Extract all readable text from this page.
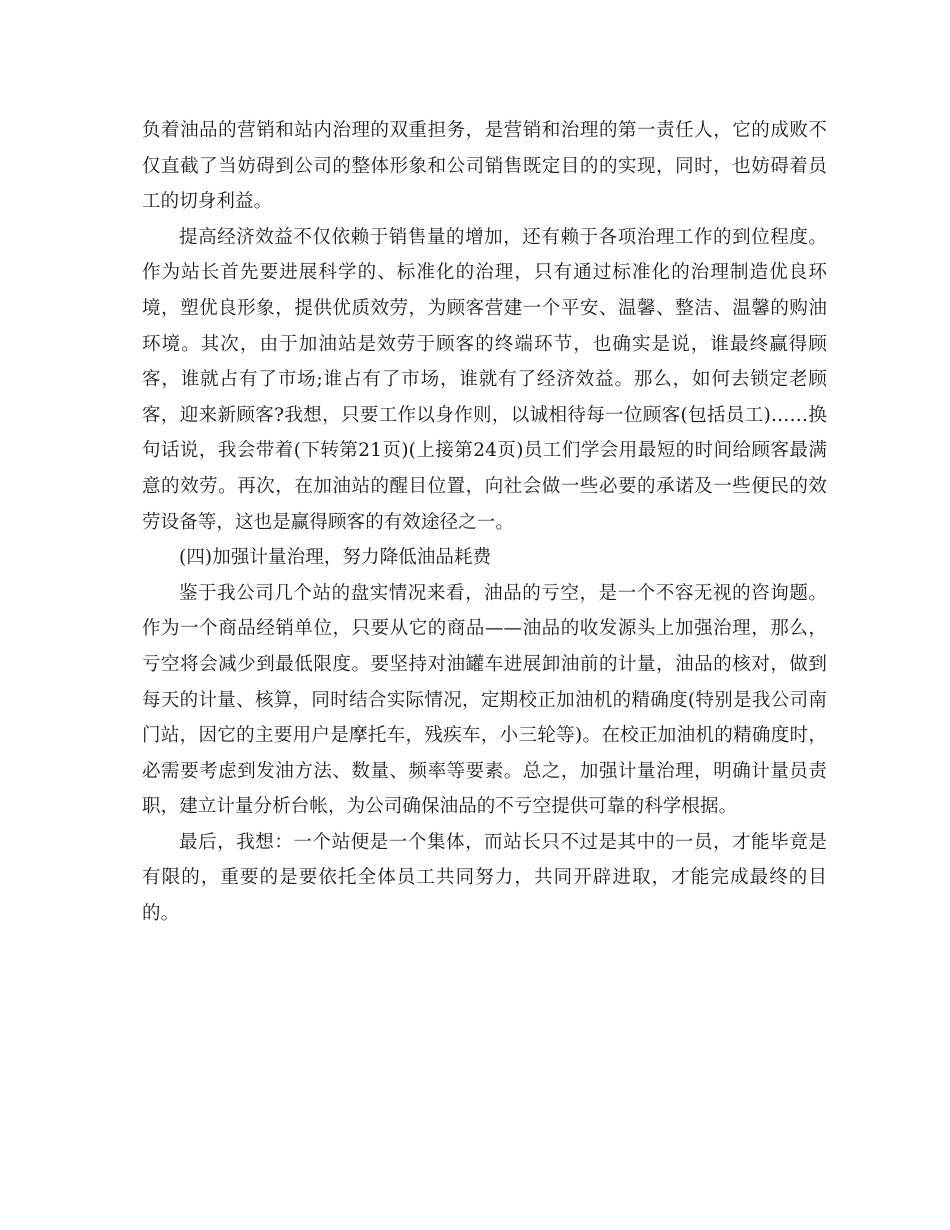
负着油品的营销和站内治理的双重担务，是营销和治理的第一责任人，它的成败不仅直截了当妨碍到公司的整体形象和公司销售既定目的的实现，同时，也妨碍着员工的切身利益。

提高经济效益不仅依赖于销售量的增加，还有赖于各项治理工作的到位程度。作为站长首先要进展科学的、标准化的治理，只有通过标准化的治理制造优良环境，塑优良形象，提供优质效劳，为顾客营建一个平安、温馨、整洁、温馨的购油环境。其次，由于加油站是效劳于顾客的终端环节，也确实是说，谁最终赢得顾客，谁就占有了市场;谁占有了市场，谁就有了经济效益。那么，如何去锁定老顾客，迎来新顾客?我想，只要工作以身作则，以诚相待每一位顾客(包括员工)……换句话说，我会带着(下转第21页)(上接第24页)员工们学会用最短的时间给顾客最满意的效劳。再次，在加油站的醒目位置，向社会做一些必要的承诺及一些便民的效劳设备等，这也是赢得顾客的有效途径之一。

(四)加强计量治理，努力降低油品耗费

鉴于我公司几个站的盘实情况来看，油品的亏空，是一个不容无视的咨询题。作为一个商品经销单位，只要从它的商品——油品的收发源头上加强治理，那么，亏空将会减少到最低限度。要坚持对油罐车进展卸油前的计量，油品的核对，做到每天的计量、核算，同时结合实际情况，定期校正加油机的精确度(特别是我公司南门站，因它的主要用户是摩托车，残疾车，小三轮等)。在校正加油机的精确度时，必需要考虑到发油方法、数量、频率等要素。总之，加强计量治理，明确计量员责职，建立计量分析台帐，为公司确保油品的不亏空提供可靠的科学根据。

最后，我想：一个站便是一个集体，而站长只不过是其中的一员，才能毕竟是有限的，重要的是要依托全体员工共同努力，共同开辟进取，才能完成最终的目的。
